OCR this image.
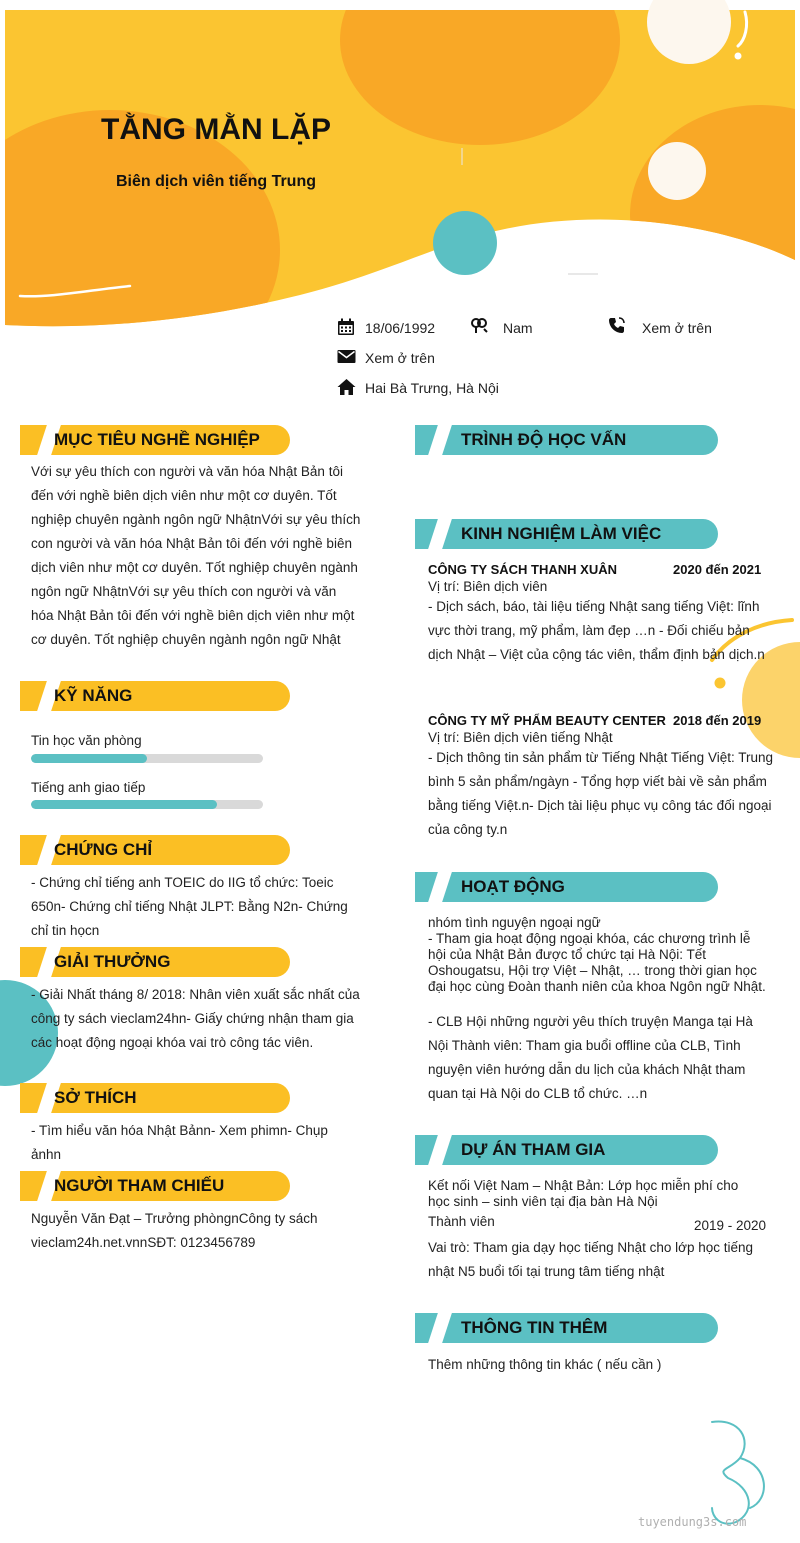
TẰNG MẰN LẶP
Biên dịch viên tiếng Trung
18/06/1992	Nam	Xem ở trên
Xem ở trên
Hai Bà Trưng, Hà Nội
MỤC TIÊU NGHỀ NGHIỆP
Với sự yêu thích con người và văn hóa Nhật Bản tôi đến với nghề biên dịch viên như một cơ duyên. Tốt nghiệp chuyên ngành ngôn ngữ NhậtnVới sự yêu thích con người và văn hóa Nhật Bản tôi đến với nghề biên dịch viên như một cơ duyên. Tốt nghiệp chuyên ngành ngôn ngữ NhậtnVới sự yêu thích con người và văn hóa Nhật Bản tôi đến với nghề biên dịch viên như một cơ duyên. Tốt nghiệp chuyên ngành ngôn ngữ Nhật
KỸ NĂNG
Tin học văn phòng
Tiếng anh giao tiếp
CHỨNG CHỈ
- Chứng chỉ tiếng anh TOEIC do IIG tổ chức: Toeic 650n- Chứng chỉ tiếng Nhật JLPT: Bằng N2n- Chứng chỉ tin họcn
GIẢI THƯỞNG
- Giải Nhất tháng 8/ 2018: Nhân viên xuất sắc nhất của công ty sách vieclam24hn- Giấy chứng nhận tham gia các hoạt động ngoại khóa vai trò công tác viên.
SỞ THÍCH
- Tìm hiểu văn hóa Nhật Bảnn- Xem phimn- Chụp ảnhn
NGƯỜI THAM CHIẾU
Nguyễn Văn Đạt – Trưởng phòngnCông ty sách vieclam24h.net.vnnSĐT: 0123456789
TRÌNH ĐỘ HỌC VẤN
KINH NGHIỆM LÀM VIỆC
CÔNG TY SÁCH THANH XUÂN	2020 đến 2021
Vị trí: Biên dịch viên
- Dịch sách, báo, tài liệu tiếng Nhật sang tiếng Việt: lĩnh vực thời trang, mỹ phẩm, làm đẹp …n - Đối chiếu bản dịch Nhật – Việt của cộng tác viên, thẩm định bản dịch.n
CÔNG TY MỸ PHẨM BEAUTY CENTER 2018 đến 2019
Vị trí: Biên dịch viên tiếng Nhật
- Dịch thông tin sản phẩm từ Tiếng Nhật Tiếng Việt: Trung bình 5 sản phẩm/ngàyn - Tổng hợp viết bài về sản phẩm bằng tiếng Việt.n- Dịch tài liệu phục vụ công tác đối ngoại của công ty.n
HOẠT ĐỘNG
nhóm tình nguyện ngoại ngữ
- Tham gia hoạt động ngoại khóa, các chương trình lễ hội của Nhật Bản được tổ chức tại Hà Nội: Tết Oshougatsu, Hội trợ Việt – Nhật, … trong thời gian học đại học cùng Đoàn thanh niên của khoa Ngôn ngữ Nhật.
- CLB Hội những người yêu thích truyện Manga tại Hà Nội Thành viên: Tham gia buổi offline của CLB, Tình nguyện viên hướng dẫn du lịch của khách Nhật tham quan tại Hà Nội do CLB tổ chức. …n
DỰ ÁN THAM GIA
Kết nối Việt Nam – Nhật Bản: Lớp học miễn phí cho học sinh – sinh viên tại địa bàn Hà Nội
Thành viên	2019 - 2020
Vai trò: Tham gia dạy học tiếng Nhật cho lớp học tiếng nhật N5 buổi tối tại trung tâm tiếng nhật
THÔNG TIN THÊM
Thêm những thông tin khác ( nếu cần )
tuyendung3s.com
